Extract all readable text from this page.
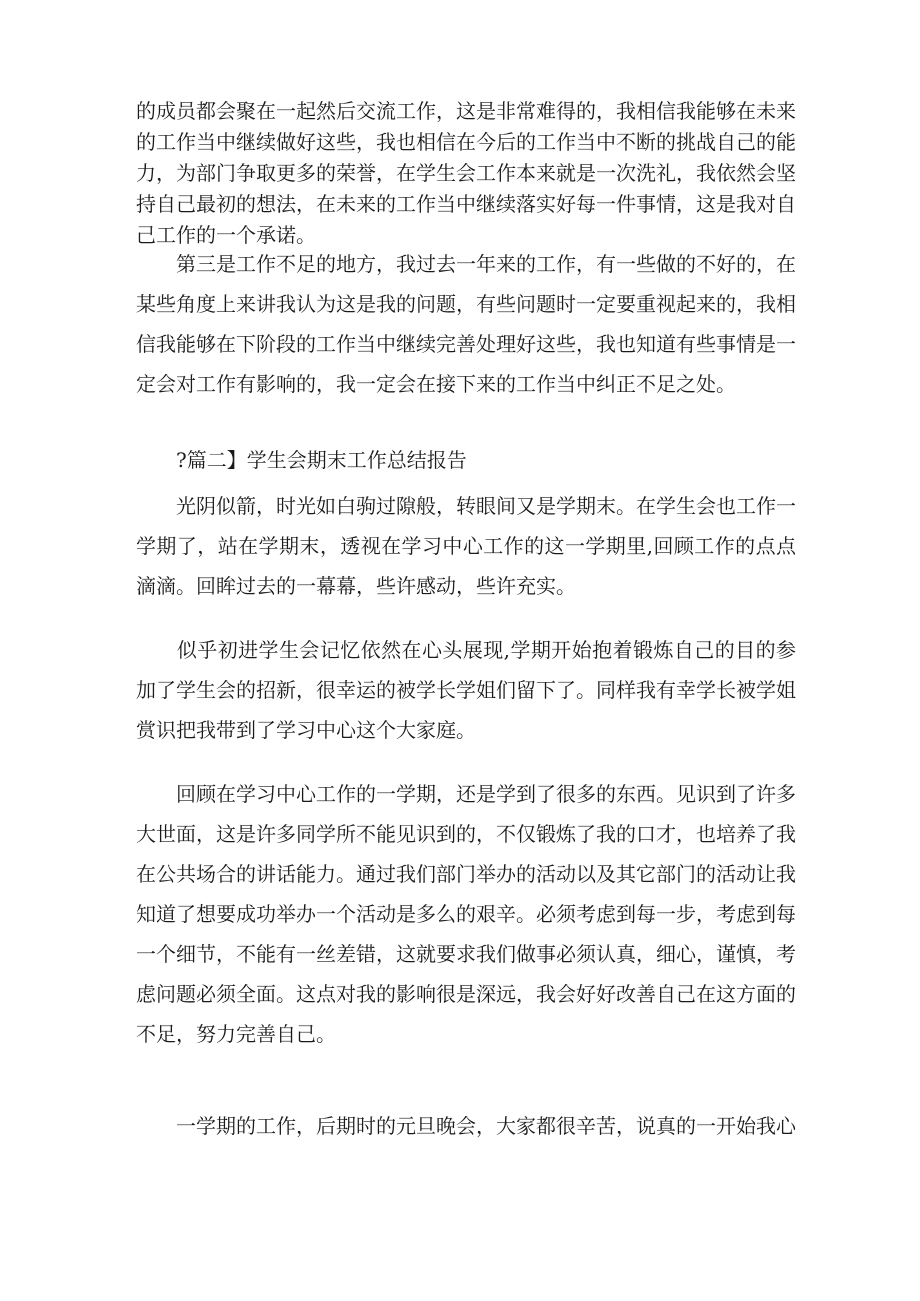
的成员都会聚在一起然后交流工作，这是非常难得的，我相信我能够在未来
的工作当中继续做好这些，我也相信在今后的工作当中不断的挑战自己的能
力，为部门争取更多的荣誉，在学生会工作本来就是一次洗礼，我依然会坚
持自己最初的想法，在未来的工作当中继续落实好每一件事情，这是我对自
己工作的一个承诺。

　　第三是工作不足的地方，我过去一年来的工作，有一些做的不好的，在
某些角度上来讲我认为这是我的问题，有些问题时一定要重视起来的，我相
信我能够在下阶段的工作当中继续完善处理好这些，我也知道有些事情是一
定会对工作有影响的，我一定会在接下来的工作当中纠正不足之处。

　　?篇二】学生会期末工作总结报告

　　光阴似箭，时光如白驹过隙般，转眼间又是学期末。在学生会也工作一
学期了，站在学期末，透视在学习中心工作的这一学期里,回顾工作的点点
滴滴。回眸过去的一幕幕，些许感动，些许充实。

　　似乎初进学生会记忆依然在心头展现,学期开始抱着锻炼自己的目的参
加了学生会的招新，很幸运的被学长学姐们留下了。同样我有幸学长被学姐
赏识把我带到了学习中心这个大家庭。

　　回顾在学习中心工作的一学期，还是学到了很多的东西。见识到了许多
大世面，这是许多同学所不能见识到的，不仅锻炼了我的口才，也培养了我
在公共场合的讲话能力。通过我们部门举办的活动以及其它部门的活动让我
知道了想要成功举办一个活动是多么的艰辛。必须考虑到每一步，考虑到每
一个细节，不能有一丝差错，这就要求我们做事必须认真，细心，谨慎，考
虑问题必须全面。这点对我的影响很是深远，我会好好改善自己在这方面的
不足，努力完善自己。

　　一学期的工作，后期时的元旦晚会，大家都很辛苦，说真的一开始我心
